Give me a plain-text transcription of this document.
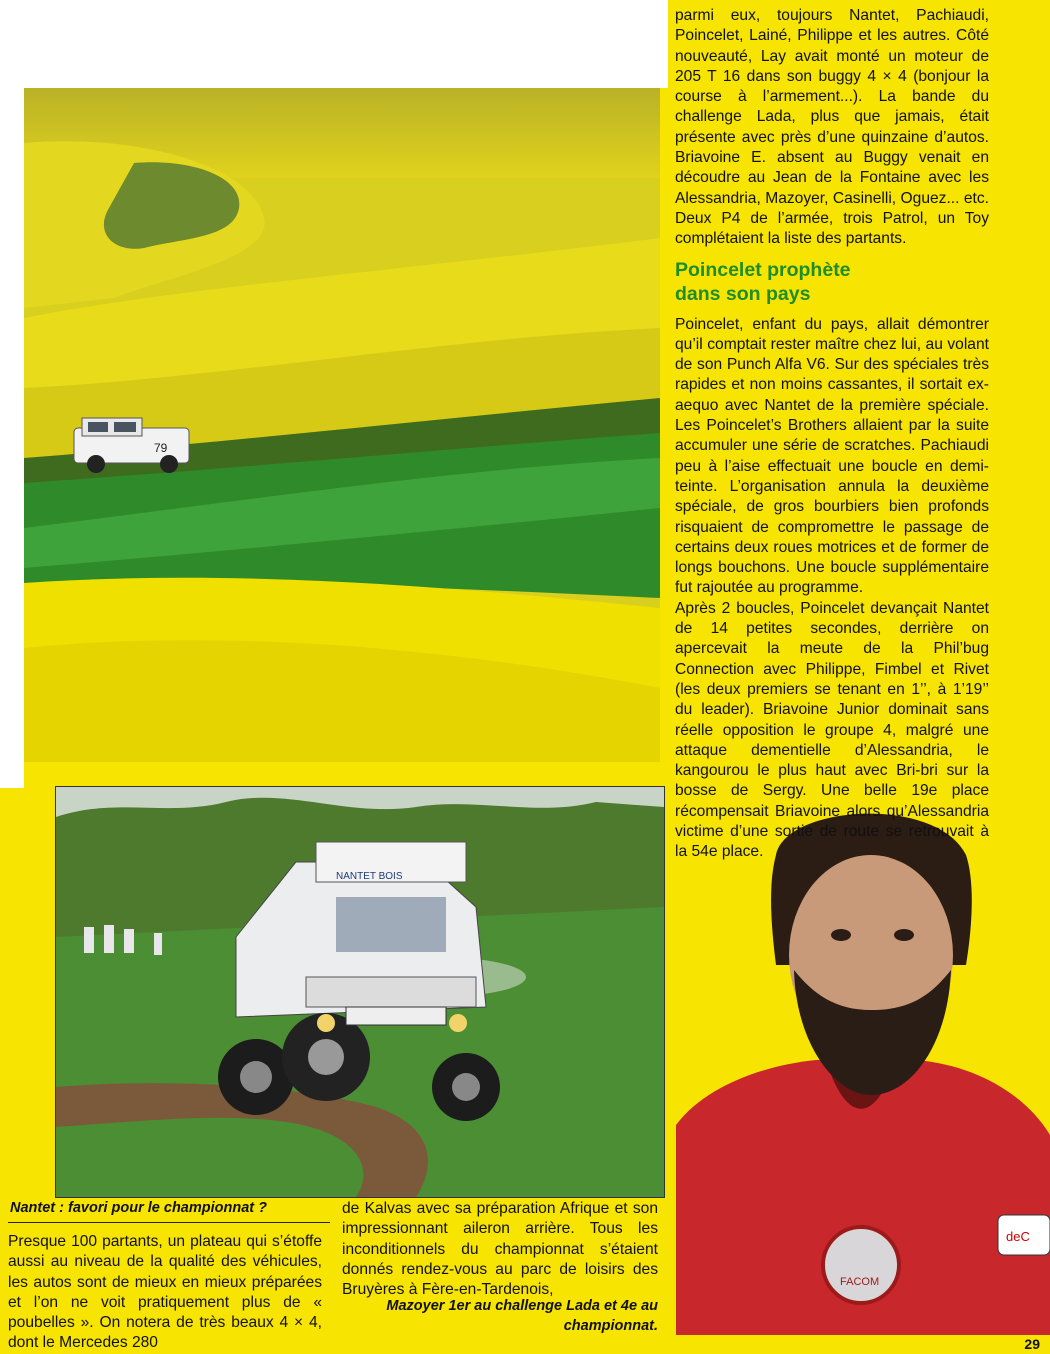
79
NANTET BOIS
FACOM
deC

parmi eux, toujours Nantet, Pachiaudi, Poincelet, Lainé, Philippe et les autres. Côté nouveauté, Lay avait monté un moteur de 205 T 16 dans son buggy 4 × 4 (bonjour la course à l’armement...). La bande du challenge Lada, plus que jamais, était présente avec près d’une quinzaine d’autos. Briavoine E. absent au Buggy venait en découdre au Jean de la Fontaine avec les Alessandria, Mazoyer, Casinelli, Oguez... etc. Deux P4 de l’armée, trois Patrol, un Toy complétaient la liste des partants.

Poincelet prophète
dans son pays

Poincelet, enfant du pays, allait démontrer qu’il comptait rester maître chez lui, au volant de son Punch Alfa V6. Sur des spéciales très rapides et non moins cassantes, il sortait ex-aequo avec Nantet de la première spéciale. Les Poincelet’s Brothers allaient par la suite accumuler une série de scratches. Pachiaudi peu à l’aise effectuait une boucle en demi-teinte. L’organisation annula la deuxième spéciale, de gros bourbiers bien profonds risquaient de compromettre le passage de certains deux roues motrices et de former de longs bouchons. Une boucle supplémentaire fut rajoutée au programme.

Après 2 boucles, Poincelet devançait Nantet de 14 petites secondes, derrière on apercevait la meute de la Phil’bug Connection avec Philippe, Fimbel et Rivet (les deux premiers se tenant en 1’’, à 1’19’’ du leader). Briavoine Junior dominait sans réelle opposition le groupe 4, malgré une attaque dementielle d’Alessandria, le kangourou le plus haut avec Bri-bri sur la bosse de Sergy. Une belle 19e place récompensait Briavoine alors qu’Alessandria victime d’une sortie de route se retrouvait à la 54e place.

Nantet : favori pour le championnat ?

Presque 100 partants, un plateau qui s’étoffe aussi au niveau de la qualité des véhicules, les autos sont de mieux en mieux préparées et l’on ne voit pratiquement plus de « poubelles ». On notera de très beaux 4 × 4, dont le Mercedes 280

de Kalvas avec sa préparation Afrique et son impressionnant aileron arrière. Tous les inconditionnels du championnat s’étaient donnés rendez-vous au parc de loisirs des Bruyères à Fère-en-Tardenois,

Mazoyer 1er au challenge Lada et 4e au championnat.
29
